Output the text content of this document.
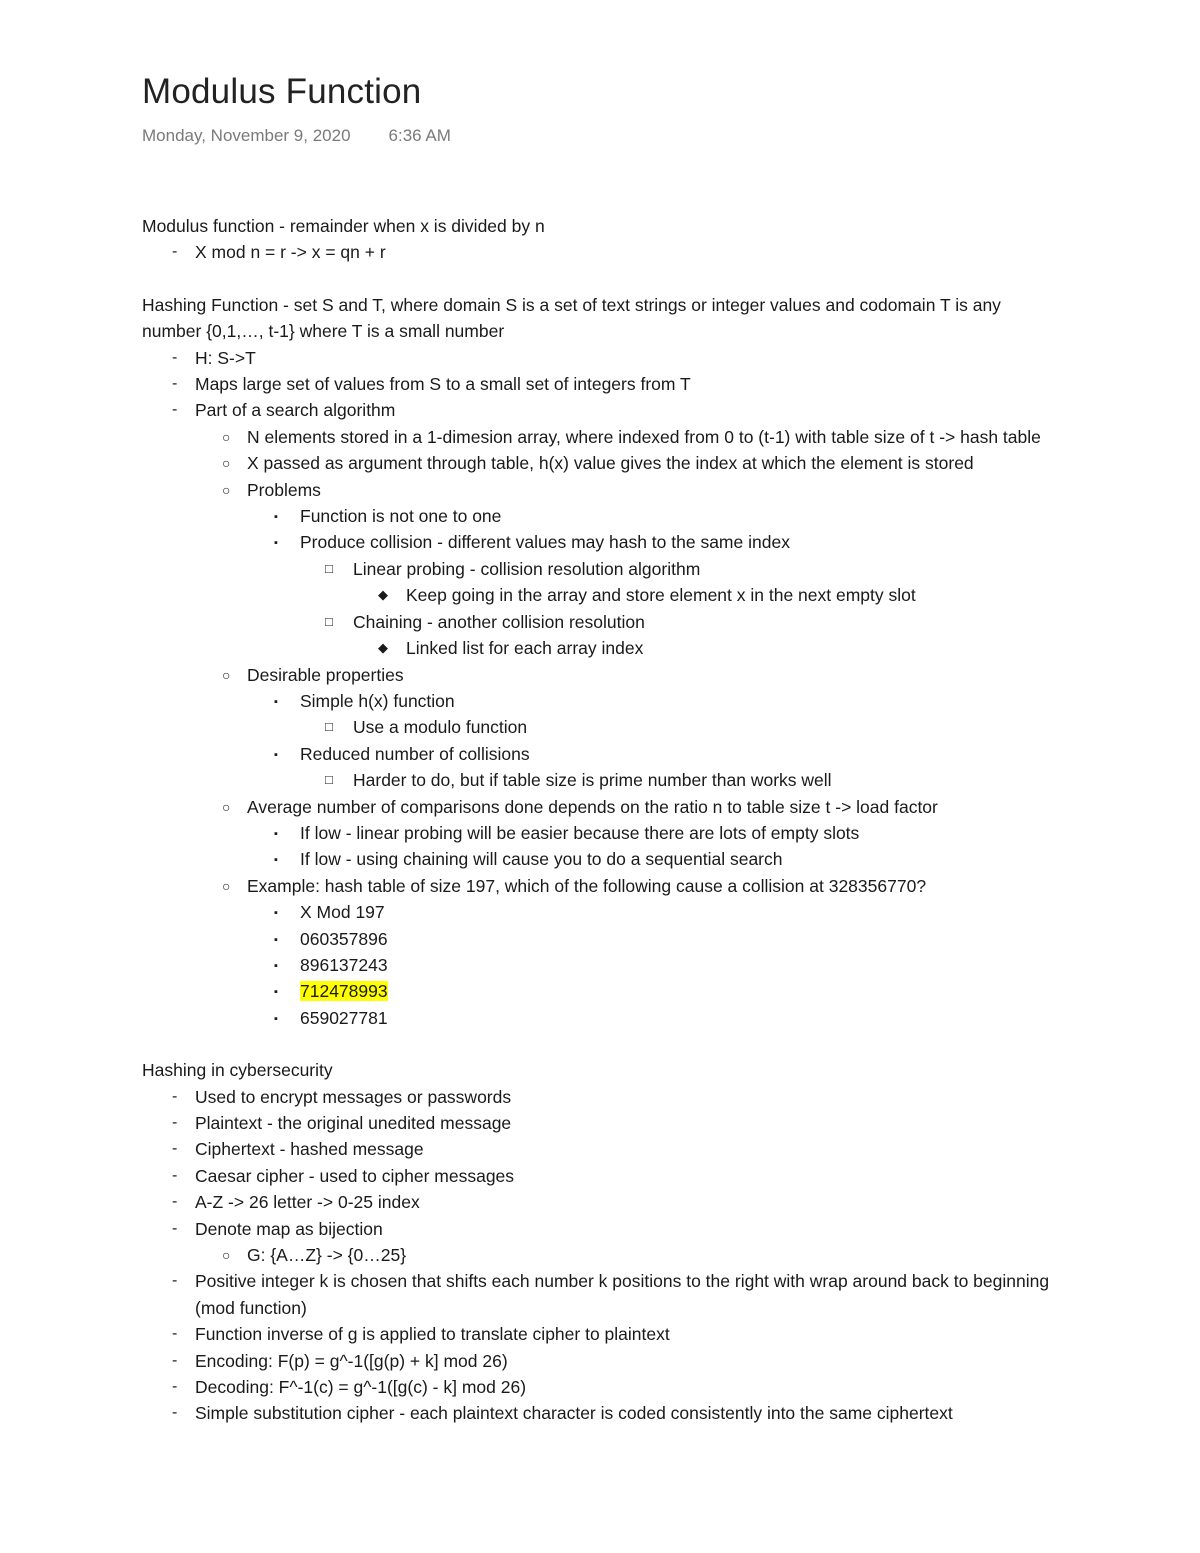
Modulus Function
Monday, November 9, 2020 6:36 AM
Modulus function - remainder when x is divided by n
- X mod n = r -> x = qn + r
Hashing Function - set S and T, where domain S is a set of text strings or integer values and codomain T is any number {0,1,…, t-1} where T is a small number
- H: S->T
- Maps large set of values from S to a small set of integers from T
- Part of a search algorithm
○ N elements stored in a 1-dimesion array, where indexed from 0 to (t-1) with table size of t -> hash table
○ X passed as argument through table, h(x) value gives the index at which the element is stored
○ Problems
▪ Function is not one to one
▪ Produce collision - different values may hash to the same index
□ Linear probing - collision resolution algorithm
◆ Keep going in the array and store element x in the next empty slot
□ Chaining - another collision resolution
◆ Linked list for each array index
○ Desirable properties
▪ Simple h(x) function
□ Use a modulo function
▪ Reduced number of collisions
□ Harder to do, but if table size is prime number than works well
○ Average number of comparisons done depends on the ratio n to table size t -> load factor
▪ If low - linear probing will be easier because there are lots of empty slots
▪ If low - using chaining will cause you to do a sequential search
○ Example: hash table of size 197, which of the following cause a collision at 328356770?
▪ X Mod 197
▪ 060357896
▪ 896137243
▪ 712478993
▪ 659027781
Hashing in cybersecurity
- Used to encrypt messages or passwords
- Plaintext - the original unedited message
- Ciphertext - hashed message
- Caesar cipher - used to cipher messages
- A-Z -> 26 letter -> 0-25 index
- Denote map as bijection
○ G: {A…Z} -> {0…25}
- Positive integer k is chosen that shifts each number k positions to the right with wrap around back to beginning (mod function)
- Function inverse of g is applied to translate cipher to plaintext
- Encoding: F(p) = g^-1([g(p) + k] mod 26)
- Decoding: F^-1(c) = g^-1([g(c) - k] mod 26)
- Simple substitution cipher - each plaintext character is coded consistently into the same ciphertext
